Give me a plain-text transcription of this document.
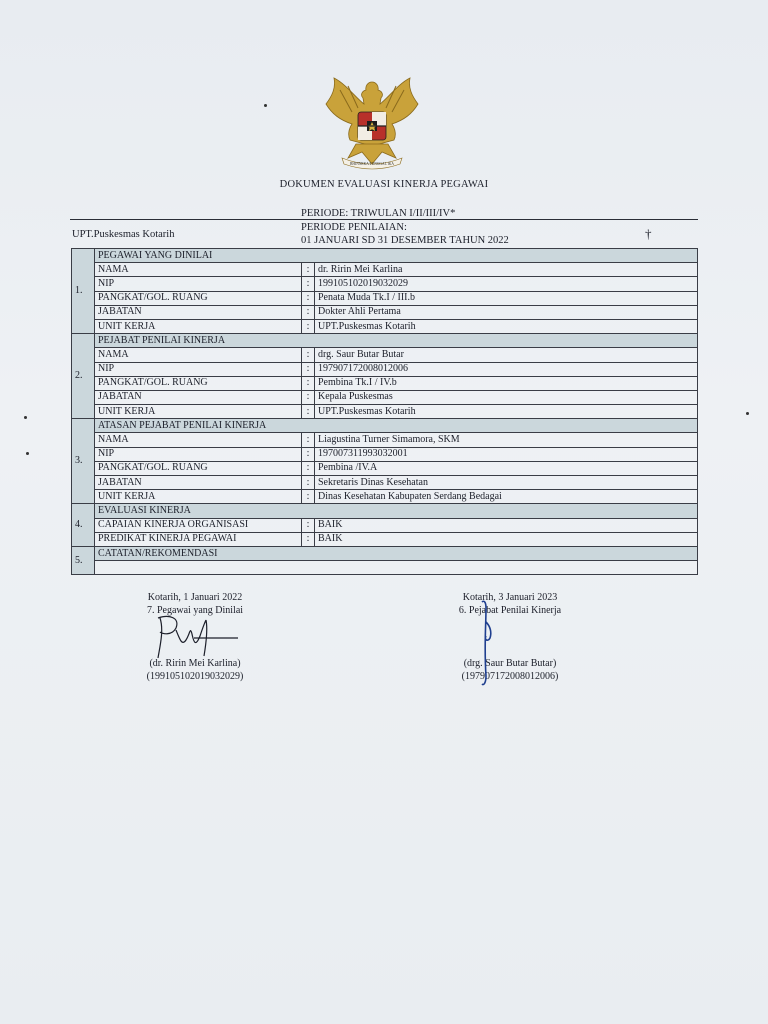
BHINNEKA TUNGGAL IKA
DOKUMEN EVALUASI KINERJA PEGAWAI
PERIODE: TRIWULAN I/II/III/IV*
UPT.Puskesmas Kotarih
PERIODE PENILAIAN:
01 JANUARI SD 31 DESEMBER TAHUN 2022	†
1.	PEGAWAI YANG DINILAI		
	NAMA	:	dr. Ririn Mei Karlina
	NIP	:	199105102019032029
	PANGKAT/GOL. RUANG	:	Penata Muda Tk.I / III.b
	JABATAN	:	Dokter Ahli Pertama
	UNIT KERJA	:	UPT.Puskesmas Kotarih
2.	PEJABAT PENILAI KINERJA		
	NAMA	:	drg. Saur Butar Butar
	NIP	:	197907172008012006
	PANGKAT/GOL. RUANG	:	Pembina Tk.I / IV.b
	JABATAN	:	Kepala Puskesmas
	UNIT KERJA	:	UPT.Puskesmas Kotarih
3.	ATASAN PEJABAT PENILAI KINERJA		
	NAMA	:	Liagustina Turner Simamora, SKM
	NIP	:	197007311993032001
	PANGKAT/GOL. RUANG	:	Pembina /IV.A
	JABATAN	:	Sekretaris Dinas Kesehatan
	UNIT KERJA	:	Dinas Kesehatan Kabupaten Serdang Bedagai
4.	EVALUASI KINERJA		
	CAPAIAN KINERJA ORGANISASI	:	BAIK
	PREDIKAT KINERJA PEGAWAI	:	BAIK
5.	CATATAN/REKOMENDASI		

Kotarih, 1 Januari 2022

7. Pegawai yang Dinilai

(dr. Ririn Mei Karlina)

(199105102019032029)

Kotarih, 3 Januari 2023

6. Pejabat Penilai Kinerja

(drg. Saur Butar Butar)

(197907172008012006)
